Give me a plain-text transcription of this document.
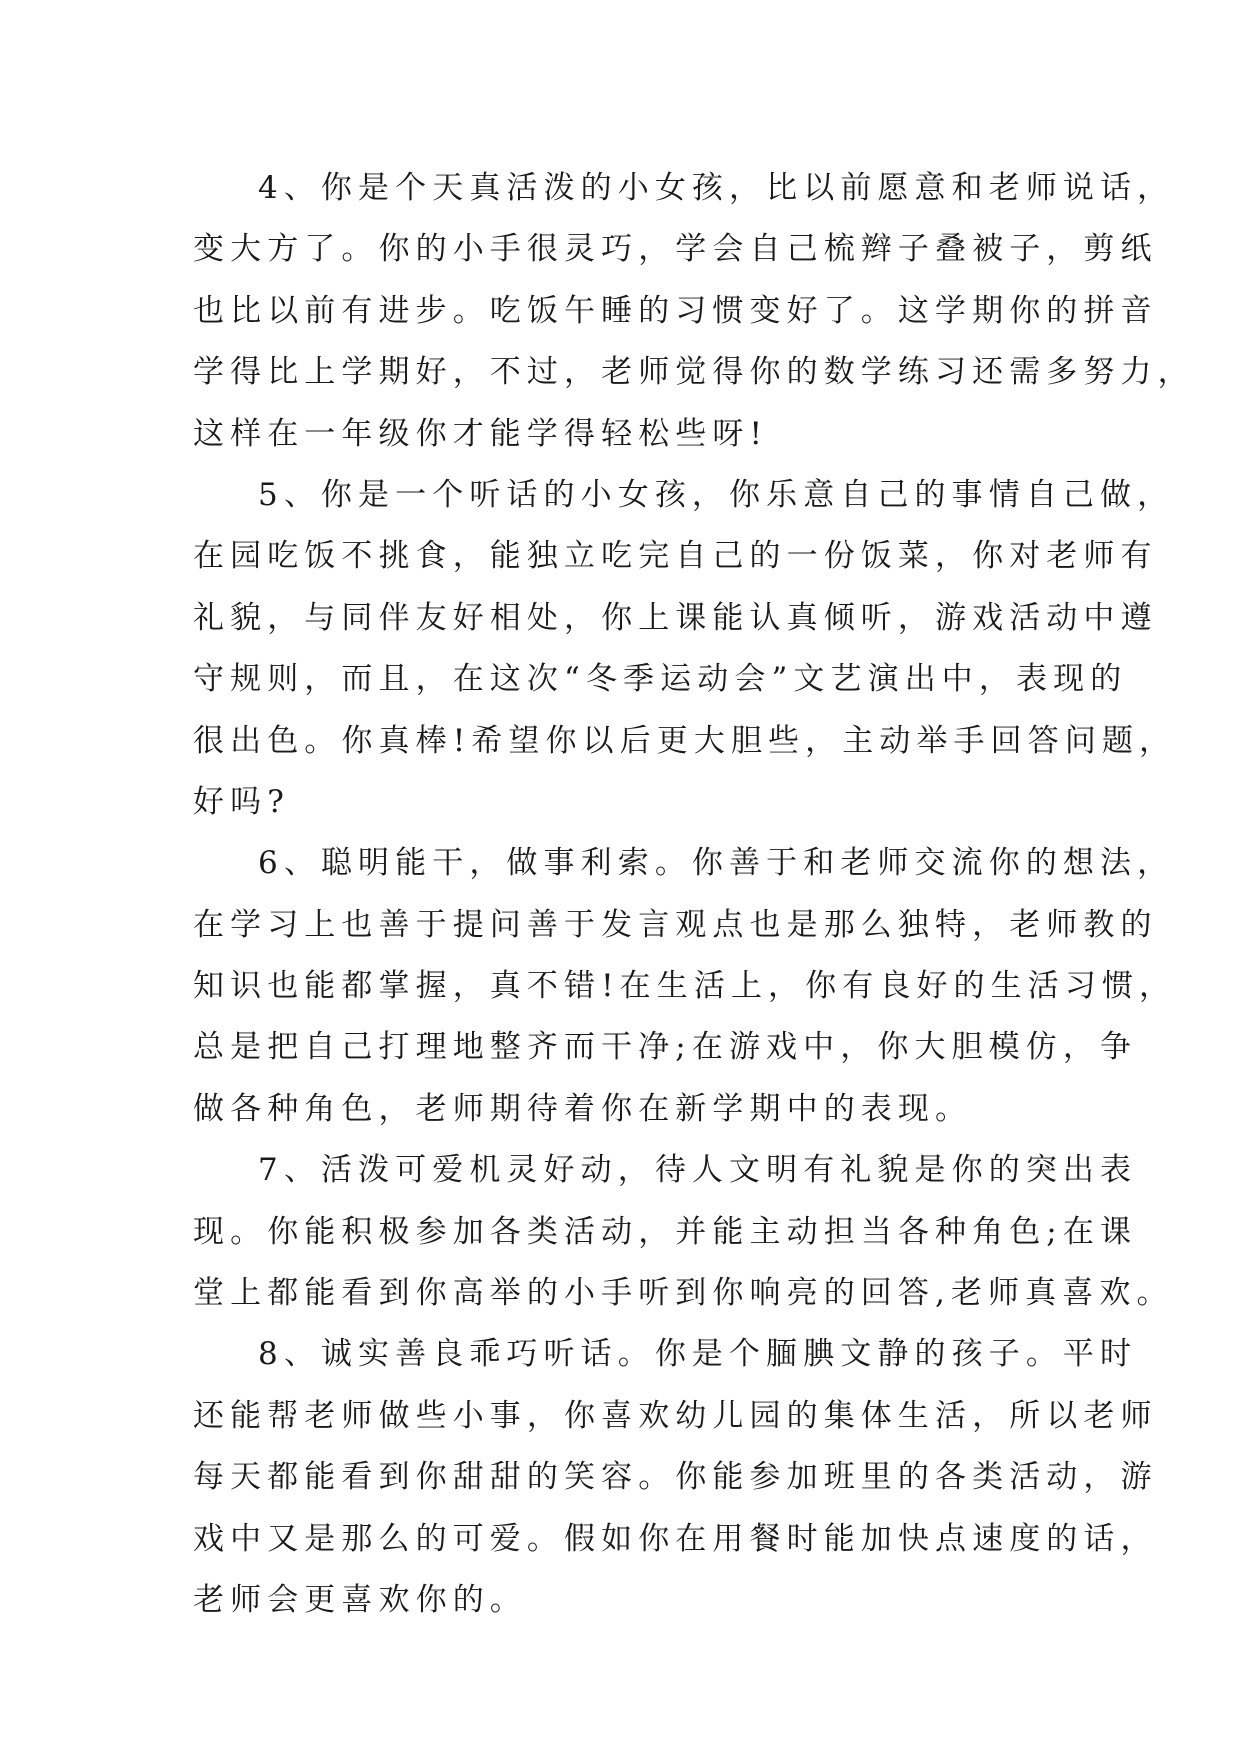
4、你是个天真活泼的小女孩，比以前愿意和老师说话，
变大方了。你的小手很灵巧，学会自己梳辫子叠被子，剪纸
也比以前有进步。吃饭午睡的习惯变好了。这学期你的拼音
学得比上学期好，不过，老师觉得你的数学练习还需多努力，
这样在一年级你才能学得轻松些呀!
5、你是一个听话的小女孩，你乐意自己的事情自己做，
在园吃饭不挑食，能独立吃完自己的一份饭菜，你对老师有
礼貌，与同伴友好相处，你上课能认真倾听，游戏活动中遵
守规则，而且，在这次“冬季运动会”文艺演出中，表现的
很出色。你真棒!希望你以后更大胆些，主动举手回答问题，
好吗?
6、聪明能干，做事利索。你善于和老师交流你的想法，
在学习上也善于提问善于发言观点也是那么独特，老师教的
知识也能都掌握，真不错!在生活上，你有良好的生活习惯，
总是把自己打理地整齐而干净;在游戏中，你大胆模仿，争
做各种角色，老师期待着你在新学期中的表现。
7、活泼可爱机灵好动，待人文明有礼貌是你的突出表
现。你能积极参加各类活动，并能主动担当各种角色;在课
堂上都能看到你高举的小手听到你响亮的回答,老师真喜欢。
8、诚实善良乖巧听话。你是个腼腆文静的孩子。平时
还能帮老师做些小事，你喜欢幼儿园的集体生活，所以老师
每天都能看到你甜甜的笑容。你能参加班里的各类活动，游
戏中又是那么的可爱。假如你在用餐时能加快点速度的话，
老师会更喜欢你的。
